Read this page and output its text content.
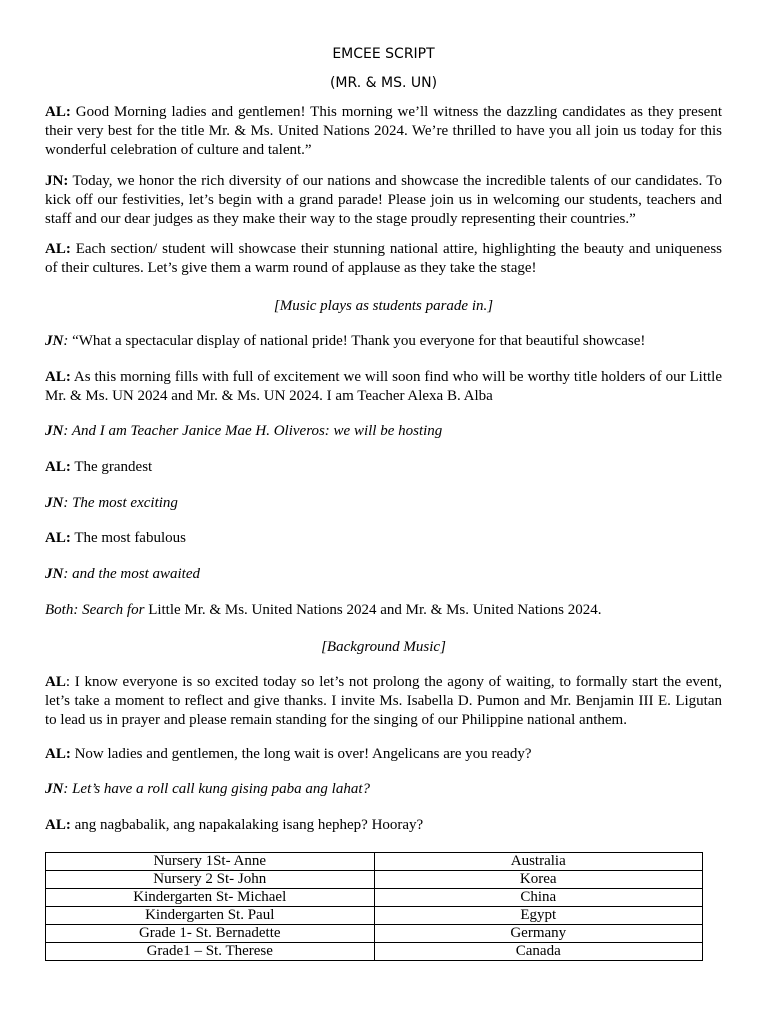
EMCEE SCRIPT
(MR. & MS. UN)

AL: Good Morning ladies and gentlemen! This morning we’ll witness the dazzling candidates as they present their very best for the title Mr. & Ms. United Nations 2024. We’re thrilled to have you all join us today for this wonderful celebration of culture and talent.”

JN: Today, we honor the rich diversity of our nations and showcase the incredible talents of our candidates. To kick off our festivities, let’s begin with a grand parade! Please join us in welcoming our students, teachers and staff and our dear judges as they make their way to the stage proudly representing their countries.”

AL: Each section/ student will showcase their stunning national attire, highlighting the beauty and uniqueness of their cultures. Let’s give them a warm round of applause as they take the stage!

[Music plays as students parade in.]

JN: “What a spectacular display of national pride! Thank you everyone for that beautiful showcase!

AL: As this morning fills with full of excitement we will soon find who will be worthy title holders of our Little Mr. & Ms. UN 2024 and Mr. & Ms. UN 2024. I am Teacher Alexa B. Alba

JN: And I am Teacher Janice Mae H. Oliveros: we will be hosting

AL: The grandest

JN: The most exciting

AL: The most fabulous

JN: and the most awaited

Both: Search for Little Mr. & Ms. United Nations 2024 and Mr. & Ms. United Nations 2024.

[Background Music]

AL: I know everyone is so excited today so let’s not prolong the agony of waiting, to formally start the event, let’s take a moment to reflect and give thanks. I invite Ms. Isabella D. Pumon and Mr. Benjamin III E. Ligutan to lead us in prayer and please remain standing for the singing of our Philippine national anthem.

AL: Now ladies and gentlemen, the long wait is over! Angelicans are you ready?

JN: Let’s have a roll call kung gising paba ang lahat?

AL: ang nagbabalik, ang napakalaking isang hephep? Hooray?

Nursery 1St- Anne	Australia
Nursery 2 St- John	Korea
Kindergarten St- Michael	China
Kindergarten St. Paul	Egypt
Grade 1- St. Bernadette	Germany
Grade1 – St. Therese	Canada
